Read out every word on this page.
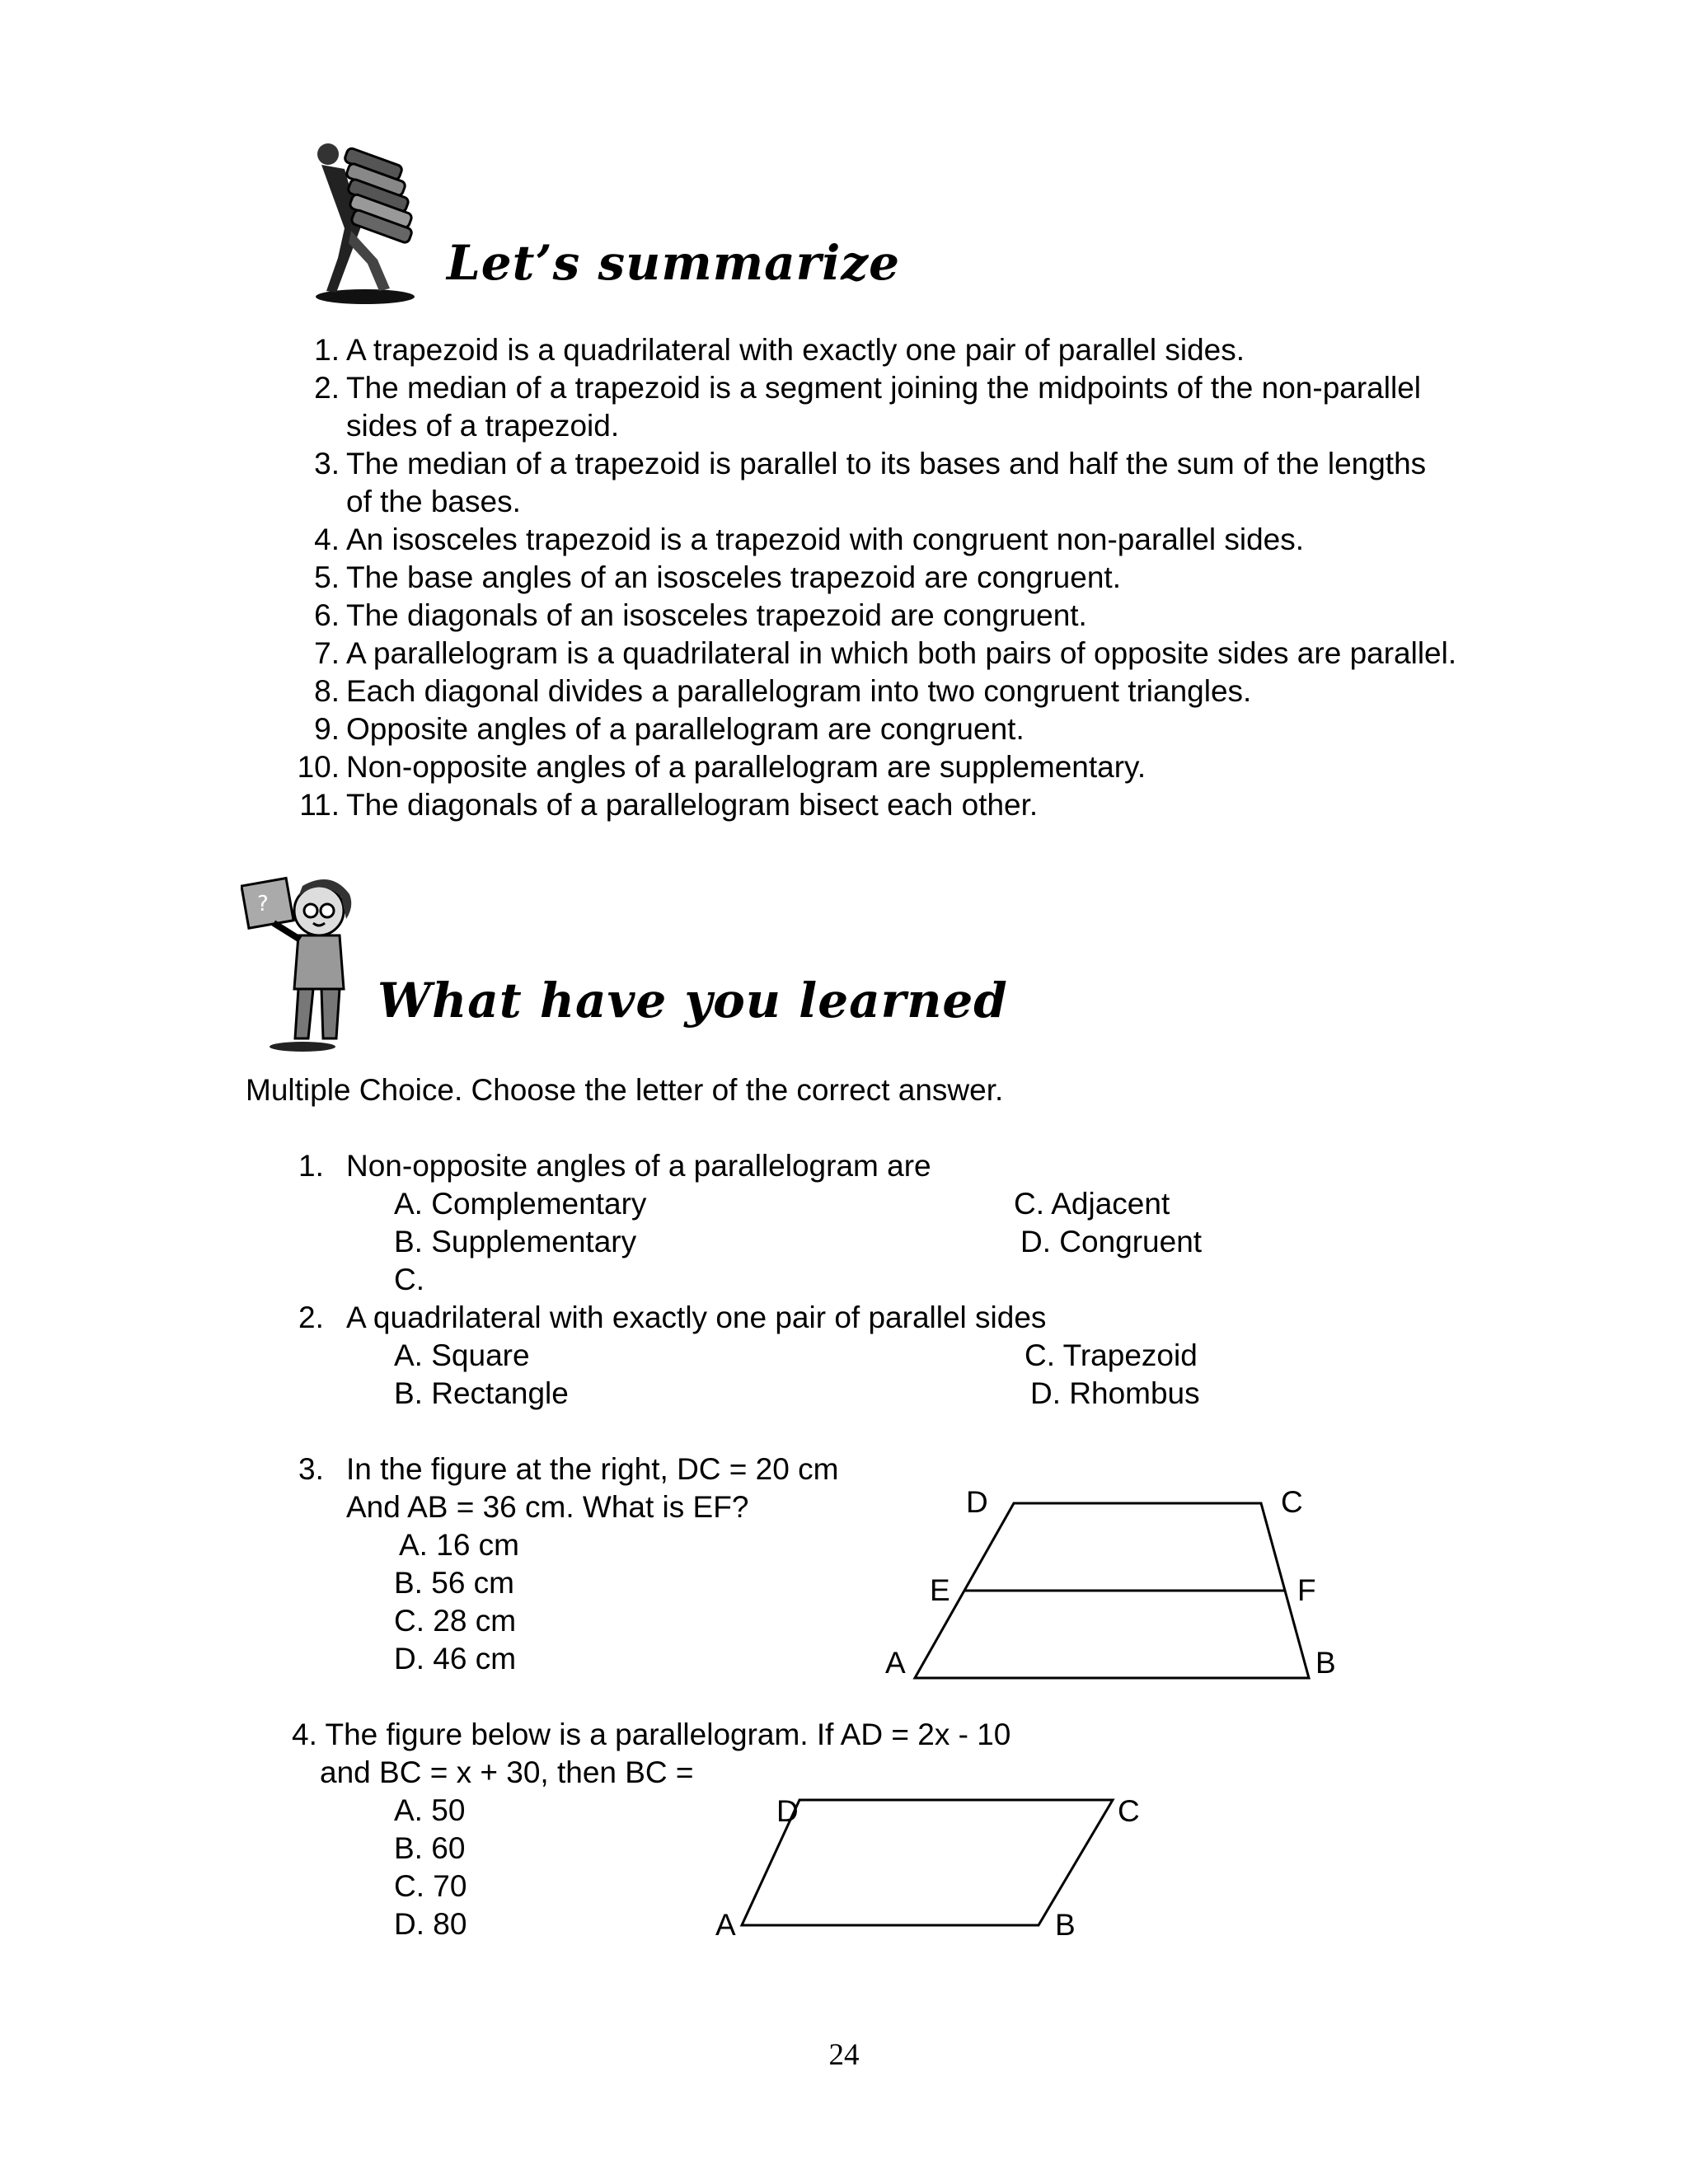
Let’s summarize
1. A trapezoid is a quadrilateral with exactly one pair of parallel sides.
2. The median of a trapezoid is a segment joining the midpoints of the non-parallel sides of a trapezoid.
3. The median of a trapezoid is parallel to its bases and half the sum of the lengths of the bases.
4. An isosceles trapezoid is a trapezoid with congruent non-parallel sides.
5. The base angles of an isosceles trapezoid are congruent.
6. The diagonals of an isosceles trapezoid are congruent.
7. A parallelogram is a quadrilateral in which both pairs of opposite sides are parallel.
8. Each diagonal divides a parallelogram into two congruent triangles.
9. Opposite angles of a parallelogram are congruent.
10. Non-opposite angles of a parallelogram are supplementary.
11. The diagonals of a parallelogram bisect each other.
?
What have you learned
Multiple Choice. Choose the letter of the correct answer.
1. Non-opposite angles of a parallelogram are
A. Complementary	C. Adjacent
B. Supplementary	D. Congruent
C.
2. A quadrilateral with exactly one pair of parallel sides
A. Square	C. Trapezoid
B. Rectangle	D. Rhombus
3. In the figure at the right, DC = 20 cm
And AB = 36 cm. What is EF?
A. 16 cm
B. 56 cm
C. 28 cm
D. 46 cm
D	C
E	F
A	B
4. The figure below is a parallelogram. If AD = 2x - 10
and BC = x + 30, then BC =
A. 50
B. 60
C. 70
D. 80
D	C
A	B
24
